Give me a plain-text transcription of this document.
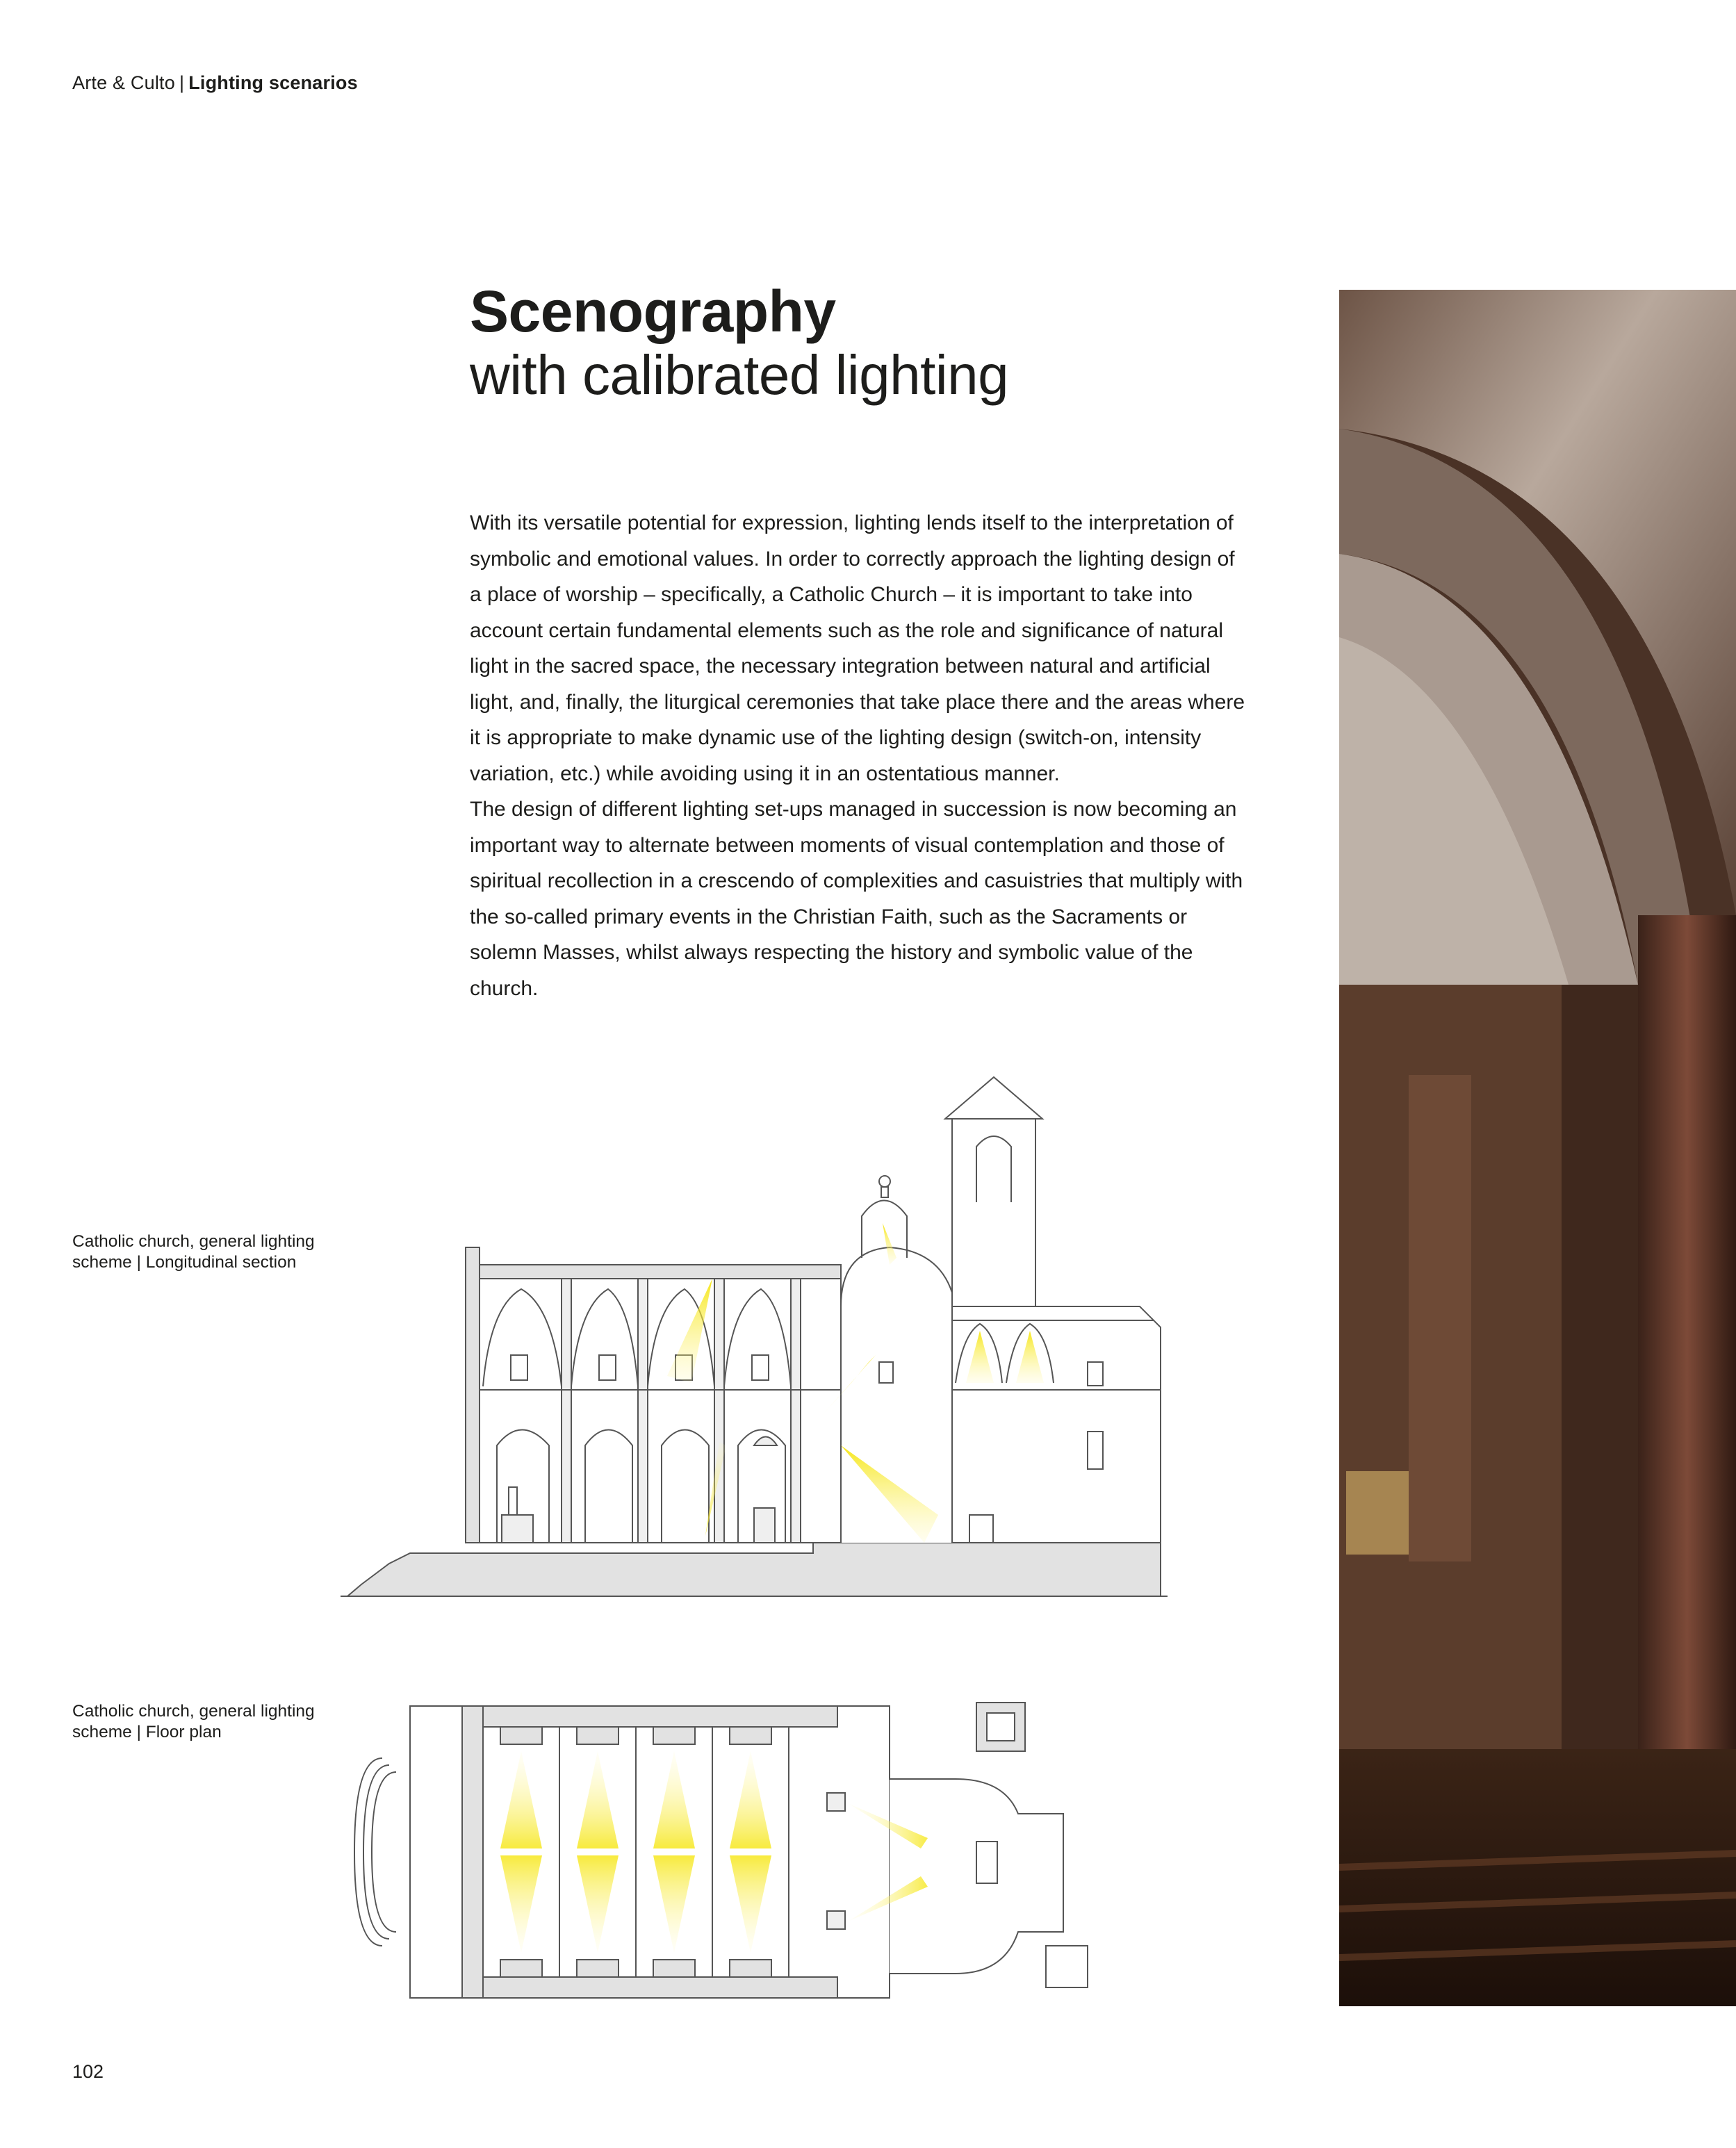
Arte & Culto | Lighting scenarios
Scenography
with calibrated lighting

With its versatile potential for expression, lighting lends itself to the interpretation of symbolic and emotional values. In order to correctly approach the lighting design of a place of worship – specifically, a Catholic Church – it is important to take into account certain fundamental elements such as the role and significance of natural light in the sacred space, the necessary integration between natural and artificial light, and, finally, the liturgical ceremonies that take place there and the areas where it is appropriate to make dynamic use of the lighting design (switch-on, intensity variation, etc.) while avoiding using it in an ostentatious manner.

The design of different lighting set-ups managed in succession is now becoming an important way to alternate between moments of visual contemplation and those of spiritual recollection in a crescendo of complexities and casuistries that multiply with the so-called primary events in the Christian Faith, such as the Sacraments or solemn Masses, whilst always respecting the history and symbolic value of the church.

Catholic church, general lighting scheme | Longitudinal section
Catholic church, general lighting scheme | Floor plan
102
